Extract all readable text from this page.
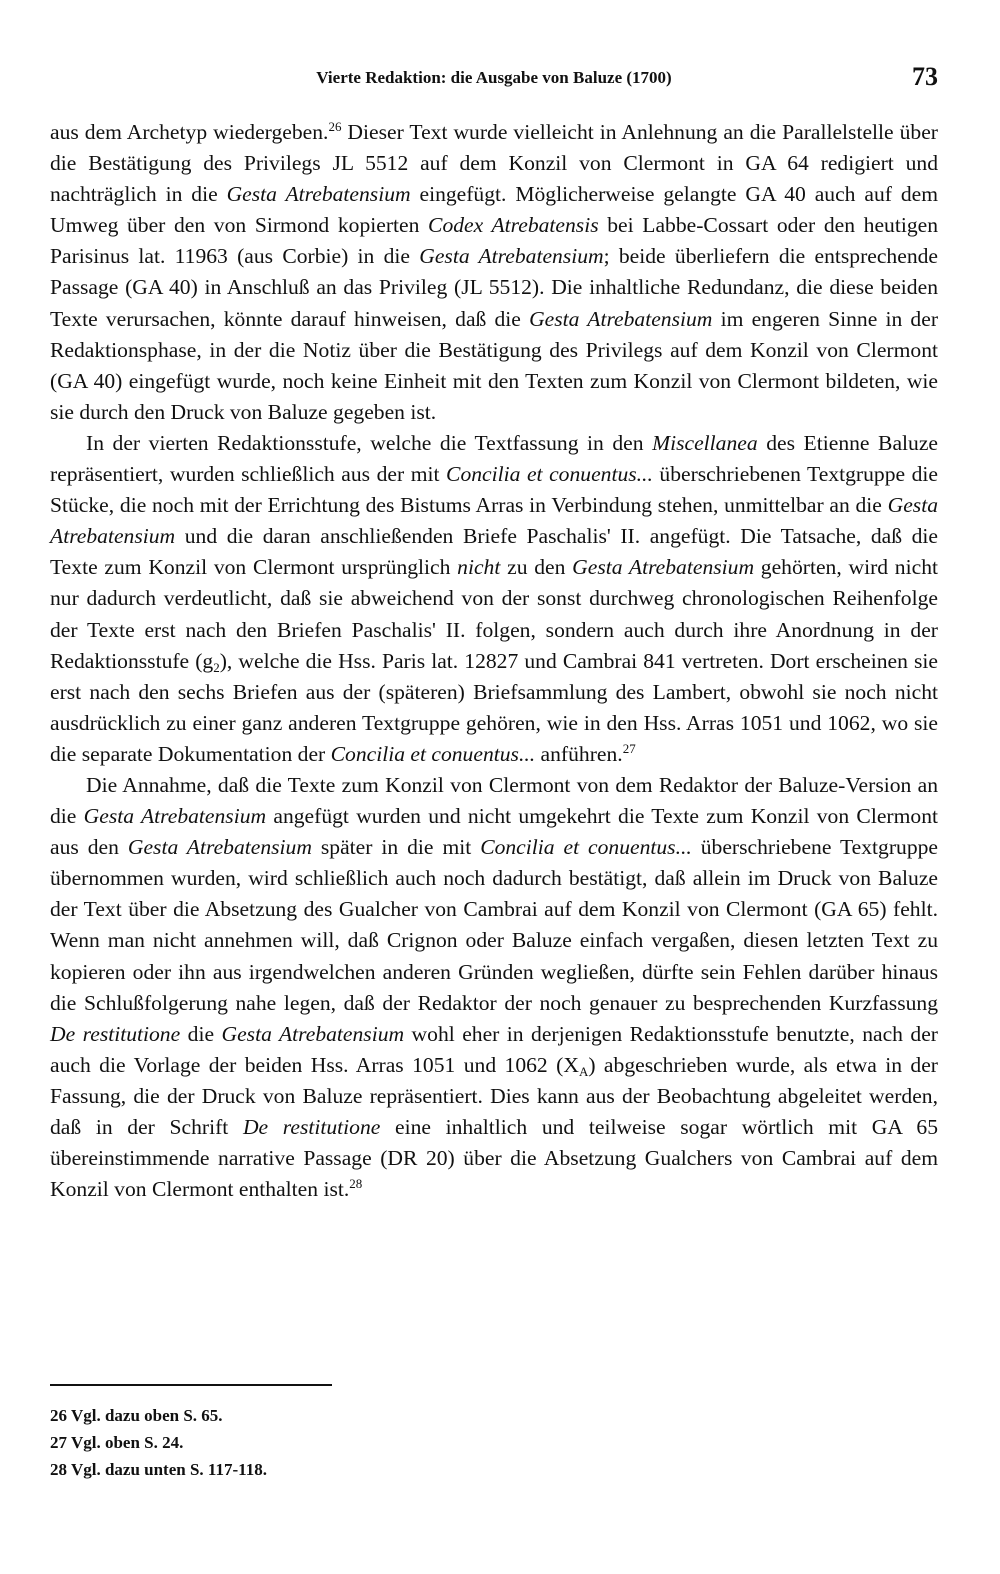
Vierte Redaktion: die Ausgabe von Baluze (1700)	73

aus dem Archetyp wiedergeben.$^{26}$ Dieser Text wurde vielleicht in Anlehnung an die Parallelstelle über die Bestätigung des Privilegs JL 5512 auf dem Konzil von Clermont in GA 64 redigiert und nachträglich in die Gesta Atrebatensium eingefügt. Möglicherweise gelangte GA 40 auch auf dem Umweg über den von Sirmond kopierten Codex Atrebatensis bei Labbe-Cossart oder den heutigen Parisinus lat. 11963 (aus Corbie) in die Gesta Atrebatensium; beide überliefern die entsprechende Passage (GA 40) in Anschluß an das Privileg (JL 5512). Die inhaltliche Redundanz, die diese beiden Texte verursachen, könnte darauf hinweisen, daß die Gesta Atrebatensium im engeren Sinne in der Redaktionsphase, in der die Notiz über die Bestätigung des Privilegs auf dem Konzil von Clermont (GA 40) eingefügt wurde, noch keine Einheit mit den Texten zum Konzil von Clermont bildeten, wie sie durch den Druck von Baluze gegeben ist.

In der vierten Redaktionsstufe, welche die Textfassung in den Miscellanea des Etienne Baluze repräsentiert, wurden schließlich aus der mit Concilia et conuentus... überschriebenen Textgruppe die Stücke, die noch mit der Errichtung des Bistums Arras in Verbindung stehen, unmittelbar an die Gesta Atrebatensium und die daran anschließenden Briefe Paschalis' II. angefügt. Die Tatsache, daß die Texte zum Konzil von Clermont ursprünglich nicht zu den Gesta Atrebatensium gehörten, wird nicht nur dadurch verdeutlicht, daß sie abweichend von der sonst durchweg chronologischen Reihenfolge der Texte erst nach den Briefen Paschalis' II. folgen, sondern auch durch ihre Anordnung in der Redaktionsstufe $(g_2)$, welche die Hss. Paris lat. 12827 und Cambrai 841 vertreten. Dort erscheinen sie erst nach den sechs Briefen aus der (späteren) Briefsammlung des Lambert, obwohl sie noch nicht ausdrücklich zu einer ganz anderen Textgruppe gehören, wie in den Hss. Arras 1051 und 1062, wo sie die separate Dokumentation der Concilia et conuentus... anführen.$^{27}$

Die Annahme, daß die Texte zum Konzil von Clermont von dem Redaktor der Baluze-Version an die Gesta Atrebatensium angefügt wurden und nicht umgekehrt die Texte zum Konzil von Clermont aus den Gesta Atrebatensium später in die mit Concilia et conuentus... überschriebene Textgruppe übernommen wurden, wird schließlich auch noch dadurch bestätigt, daß allein im Druck von Baluze der Text über die Absetzung des Gualcher von Cambrai auf dem Konzil von Clermont (GA 65) fehlt. Wenn man nicht annehmen will, daß Crignon oder Baluze einfach vergaßen, diesen letzten Text zu kopieren oder ihn aus irgendwelchen anderen Gründen wegließen, dürfte sein Fehlen darüber hinaus die Schlußfolgerung nahe legen, daß der Redaktor der noch genauer zu besprechenden Kurzfassung De restitutione die Gesta Atrebatensium wohl eher in derjenigen Redaktionsstufe benutzte, nach der auch die Vorlage der beiden Hss. Arras 1051 und 1062 $(X_A)$ abgeschrieben wurde, als etwa in der Fassung, die der Druck von Baluze repräsentiert. Dies kann aus der Beobachtung abgeleitet werden, daß in der Schrift De restitutione eine inhaltlich und teilweise sogar wörtlich mit GA 65 übereinstimmende narrative Passage (DR 20) über die Absetzung Gualchers von Cambrai auf dem Konzil von Clermont enthalten ist.$^{28}$

26 Vgl. dazu oben S. 65.
27 Vgl. oben S. 24.
28 Vgl. dazu unten S. 117-118.
